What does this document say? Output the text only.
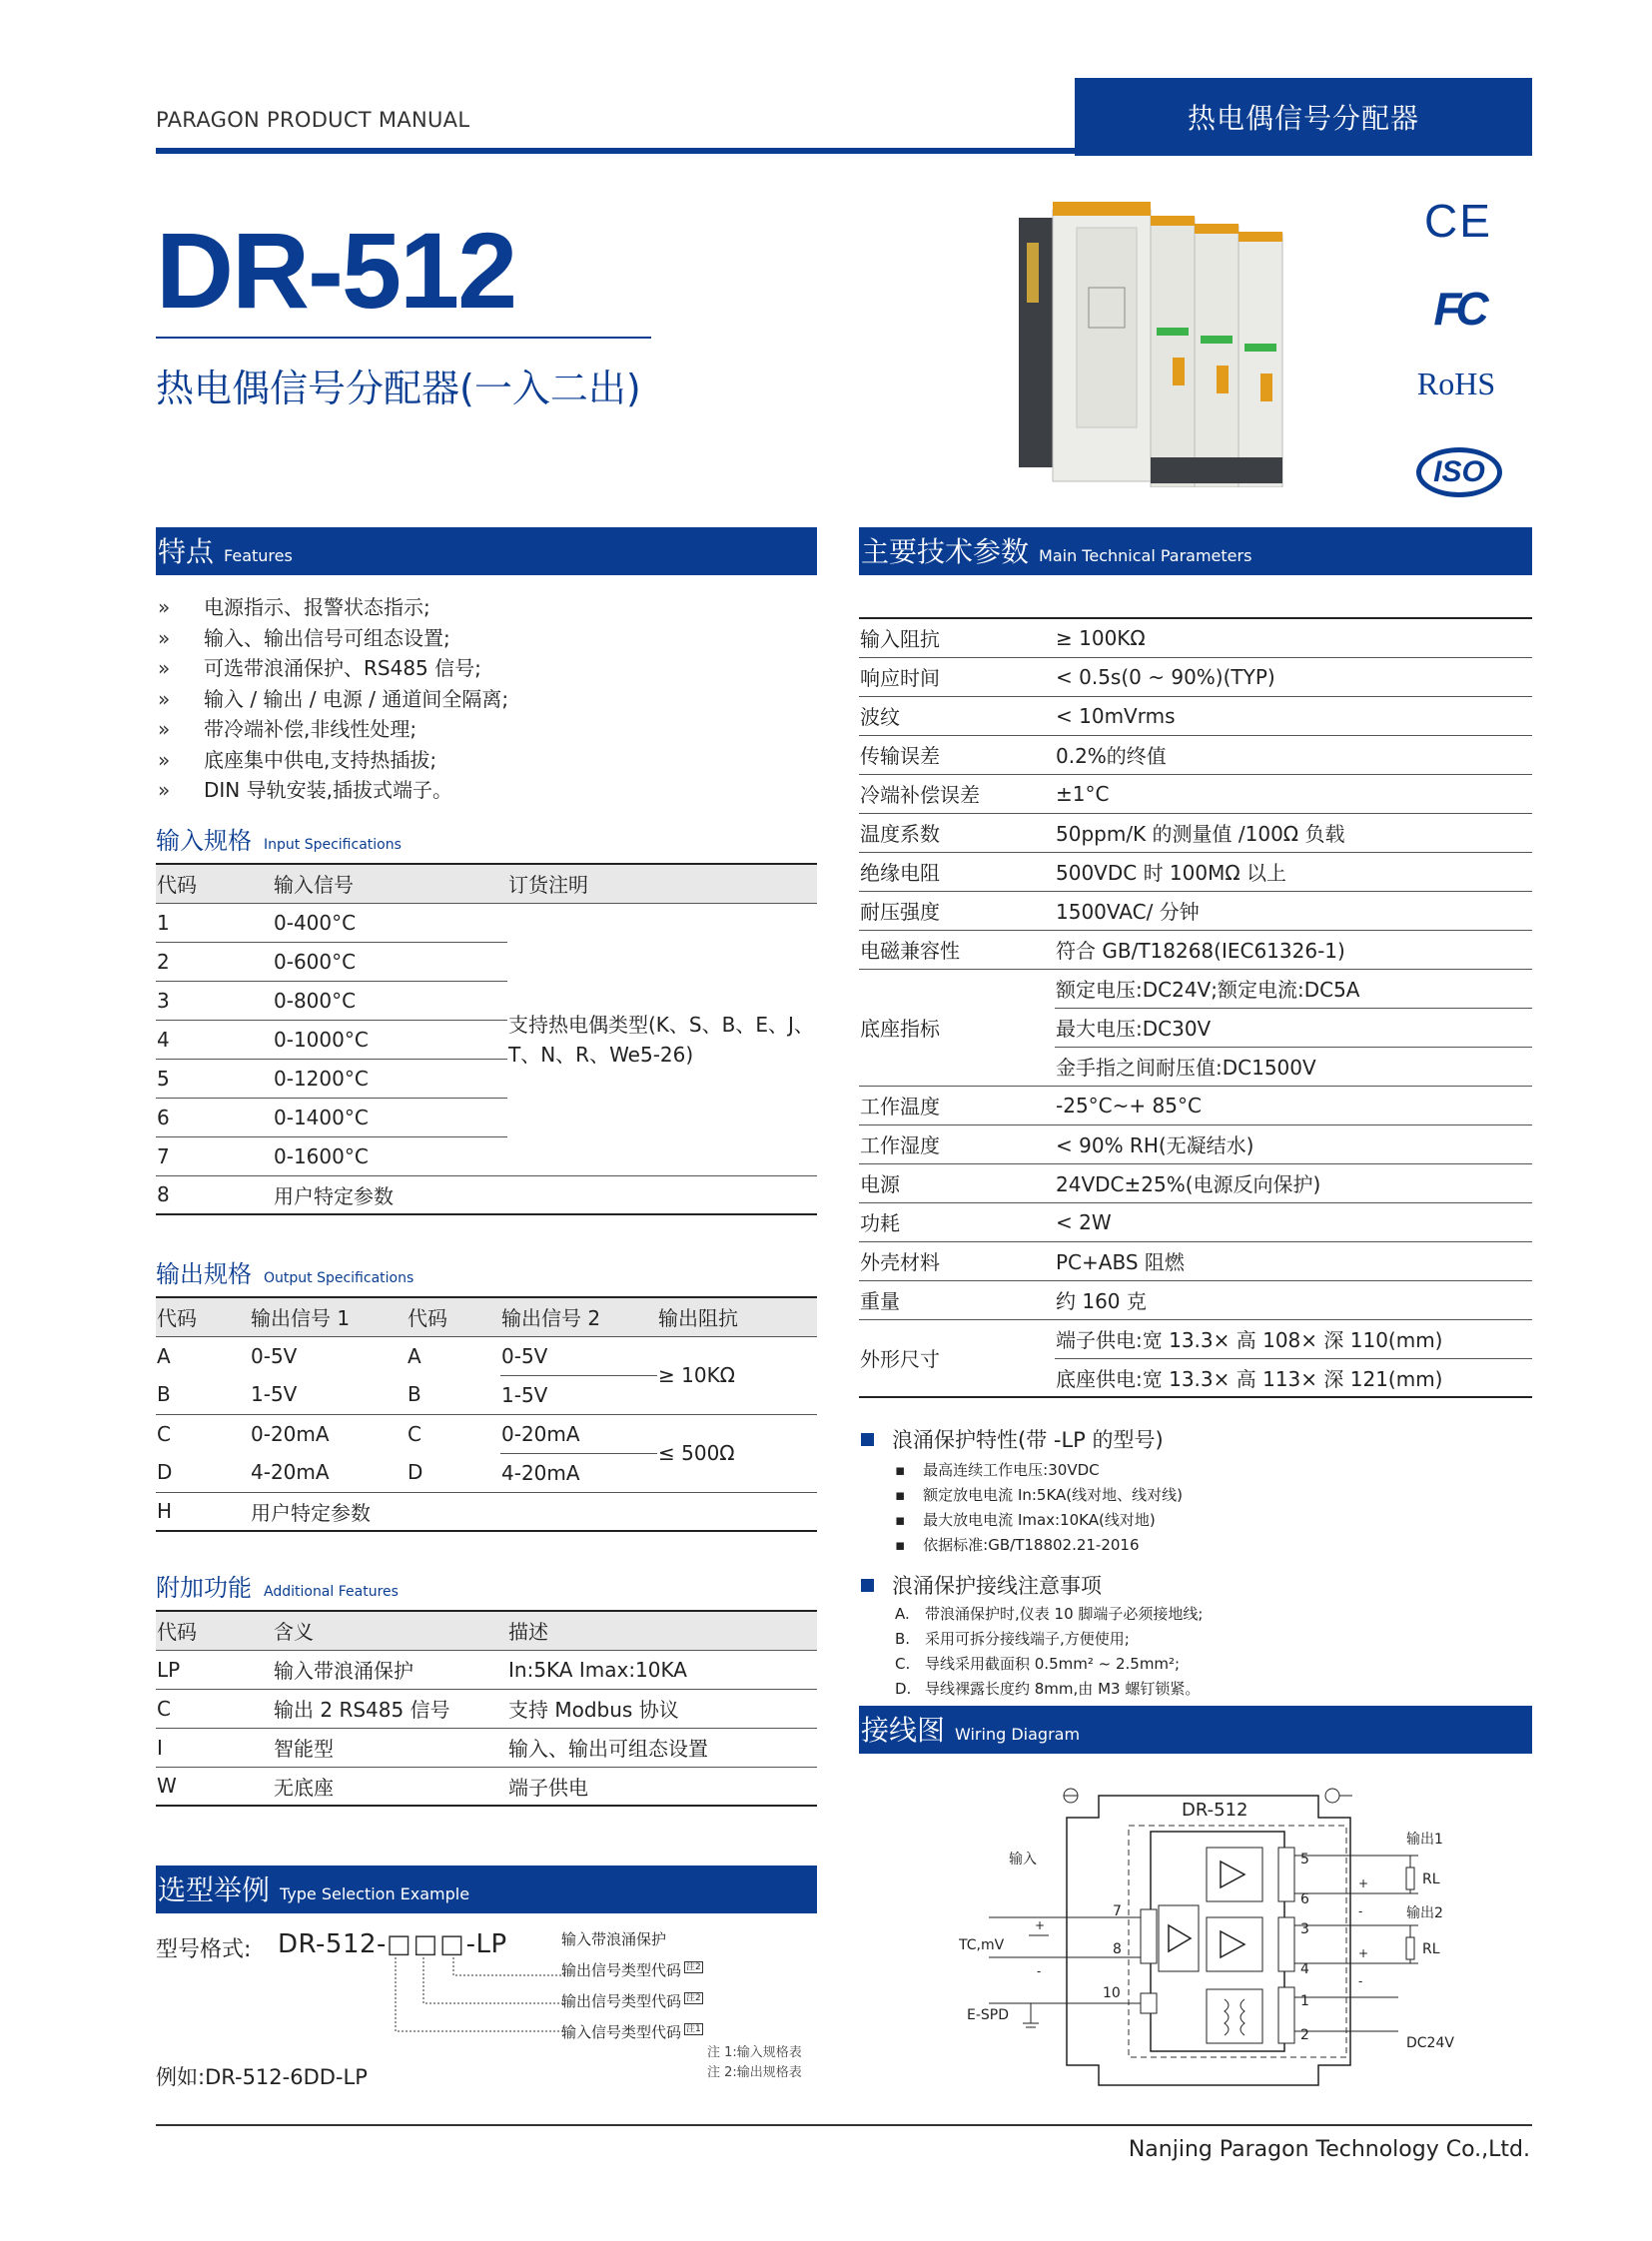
PARAGON PRODUCT MANUAL	热电偶信号分配器
DR-512
热电偶信号分配器(一入二出)
CE
FC
RoHS
ISO
特点 Features
»	电源指示、报警状态指示;
»	输入、输出信号可组态设置;
»	可选带浪涌保护、RS485 信号;
»	输入 / 输出 / 电源 / 通道间全隔离;
»	带冷端补偿,非线性处理;
»	底座集中供电,支持热插拔;
»	DIN 导轨安装,插拔式端子。
输入规格 Input Specifications
代码	输入信号	订货注明
1	0-400°C	支持热电偶类型(K、S、B、E、J、T、N、R、We5-26)
2	0-600°C	
3	0-800°C	
4	0-1000°C	
5	0-1200°C	
6	0-1400°C	
7	0-1600°C	
8	用户特定参数	
输出规格 Output Specifications
代码	输出信号 1	代码	输出信号 2	输出阻抗
A	0-5V	A	0-5V	≥ 10KΩ
B	1-5V	B	1-5V	
C	0-20mA	C	0-20mA	≤ 500Ω
D	4-20mA	D	4-20mA	
H	用户特定参数			
附加功能 Additional Features
代码	含义	描述
LP	输入带浪涌保护	In:5KA Imax:10KA
C	输出 2 RS485 信号	支持 Modbus 协议
I	智能型	输入、输出可组态设置
W	无底座	端子供电
选型举例 Type Selection Example
型号格式: DR-512-□□□-LP	输入带浪涌保护
输出信号类型代码 $^{注2}$
输出信号类型代码 $^{注2}$
输入信号类型代码 $^{注1}$
注 1:输入规格表
注 2:输出规格表
例如:DR-512-6DD-LP
主要技术参数 Main Technical Parameters
输入阻抗	≥ 100KΩ
响应时间	< 0.5s(0 ~ 90%)(TYP)
波纹	< 10mVrms
传输误差	0.2%的终值
冷端补偿误差	±1°C
温度系数	50ppm/K 的测量值 /100Ω 负载
绝缘电阻	500VDC 时 100MΩ 以上
耐压强度	1500VAC/ 分钟
电磁兼容性	符合 GB/T18268(IEC61326-1)
底座指标	额定电压:DC24V;额定电流:DC5A
	最大电压:DC30V
	金手指之间耐压值:DC1500V
工作温度	-25°C~+ 85°C
工作湿度	< 90% RH(无凝结水)
电源	24VDC±25%(电源反向保护)
功耗	< 2W
外壳材料	PC+ABS 阻燃
重量	约 160 克
外形尺寸	端子供电:宽 13.3× 高 108× 深 110(mm)
	底座供电:宽 13.3× 高 113× 深 121(mm)
浪涌保护特性(带 -LP 的型号)
▪ 最高连续工作电压:30VDC
▪ 额定放电电流 In:5KA(线对地、线对线)
▪ 最大放电电流 Imax:10KA(线对地)
▪ 依据标准:GB/T18802.21-2016
浪涌保护接线注意事项
A. 带浪涌保护时,仪表 10 脚端子必须接地线;
B. 采用可拆分接线端子,方便使用;
C. 导线采用截面积 0.5mm² ~ 2.5mm²;
D. 导线裸露长度约 8mm,由 M3 螺钉锁紧。
接线图 Wiring Diagram
DR-512
5
6
3
4
1
2
7
8
10
输入
TC,mV
E-SPD
+
-
输出1
RL
输出2
RL
+
-
+
-
DC24V
Nanjing Paragon Technology Co.,Ltd.
